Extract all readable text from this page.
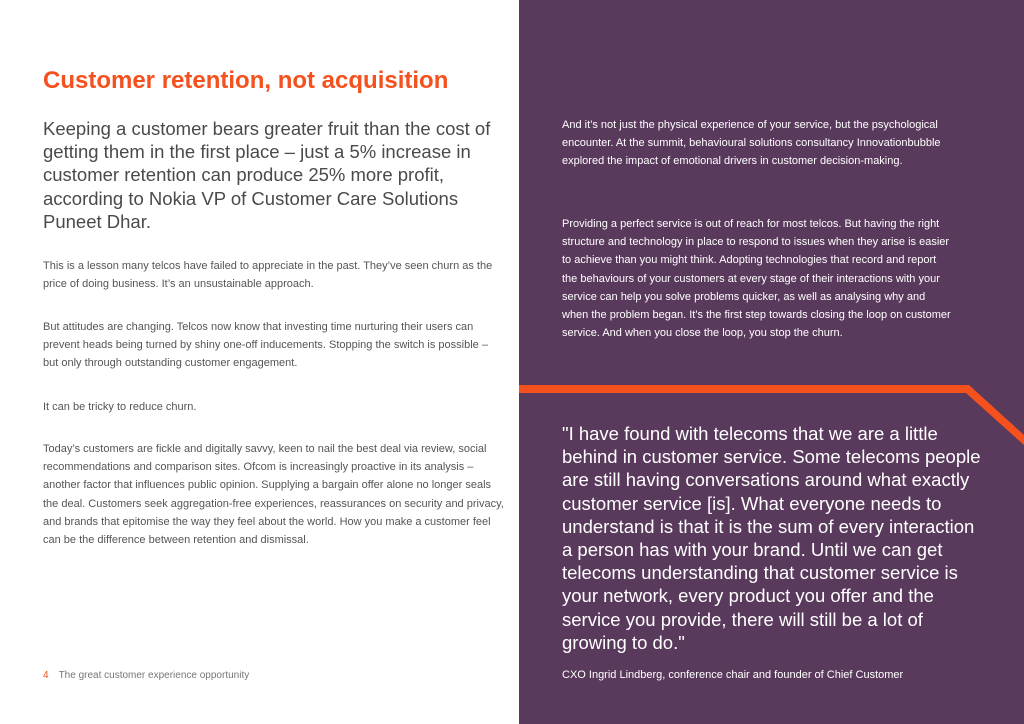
Customer retention, not acquisition

Keeping a customer bears greater fruit than the cost of getting them in the first place – just a 5% increase in customer retention can produce 25% more profit, according to Nokia VP of Customer Care Solutions Puneet Dhar.

This is a lesson many telcos have failed to appreciate in the past. They’ve seen churn as the price of doing business. It’s an unsustainable approach.

But attitudes are changing. Telcos now know that investing time nurturing their users can prevent heads being turned by shiny one-off inducements. Stopping the switch is possible – but only through outstanding customer engagement.

It can be tricky to reduce churn.

Today’s customers are fickle and digitally savvy, keen to nail the best deal via review, social recommendations and comparison sites. Ofcom is increasingly proactive in its analysis – another factor that influences public opinion. Supplying a bargain offer alone no longer seals the deal. Customers seek aggregation-free experiences, reassurances on security and privacy, and brands that epitomise the way they feel about the world. How you make a customer feel can be the difference between retention and dismissal.

4 The great customer experience opportunity

And it’s not just the physical experience of your service, but the psychological encounter. At the summit, behavioural solutions consultancy Innovationbubble explored the impact of emotional drivers in customer decision-making.

Providing a perfect service is out of reach for most telcos. But having the right structure and technology in place to respond to issues when they arise is easier to achieve than you might think. Adopting technologies that record and report the behaviours of your customers at every stage of their interactions with your service can help you solve problems quicker, as well as analysing why and when the problem began. It’s the first step towards closing the loop on customer service. And when you close the loop, you stop the churn.

"I have found with telecoms that we are a little behind in customer service. Some telecoms people are still having conversations around what exactly customer service [is]. What everyone needs to understand is that it is the sum of every interaction a person has with your brand. Until we can get telecoms understanding that customer service is your network, every product you offer and the service you provide, there will still be a lot of growing to do."

CXO Ingrid Lindberg, conference chair and founder of Chief Customer
